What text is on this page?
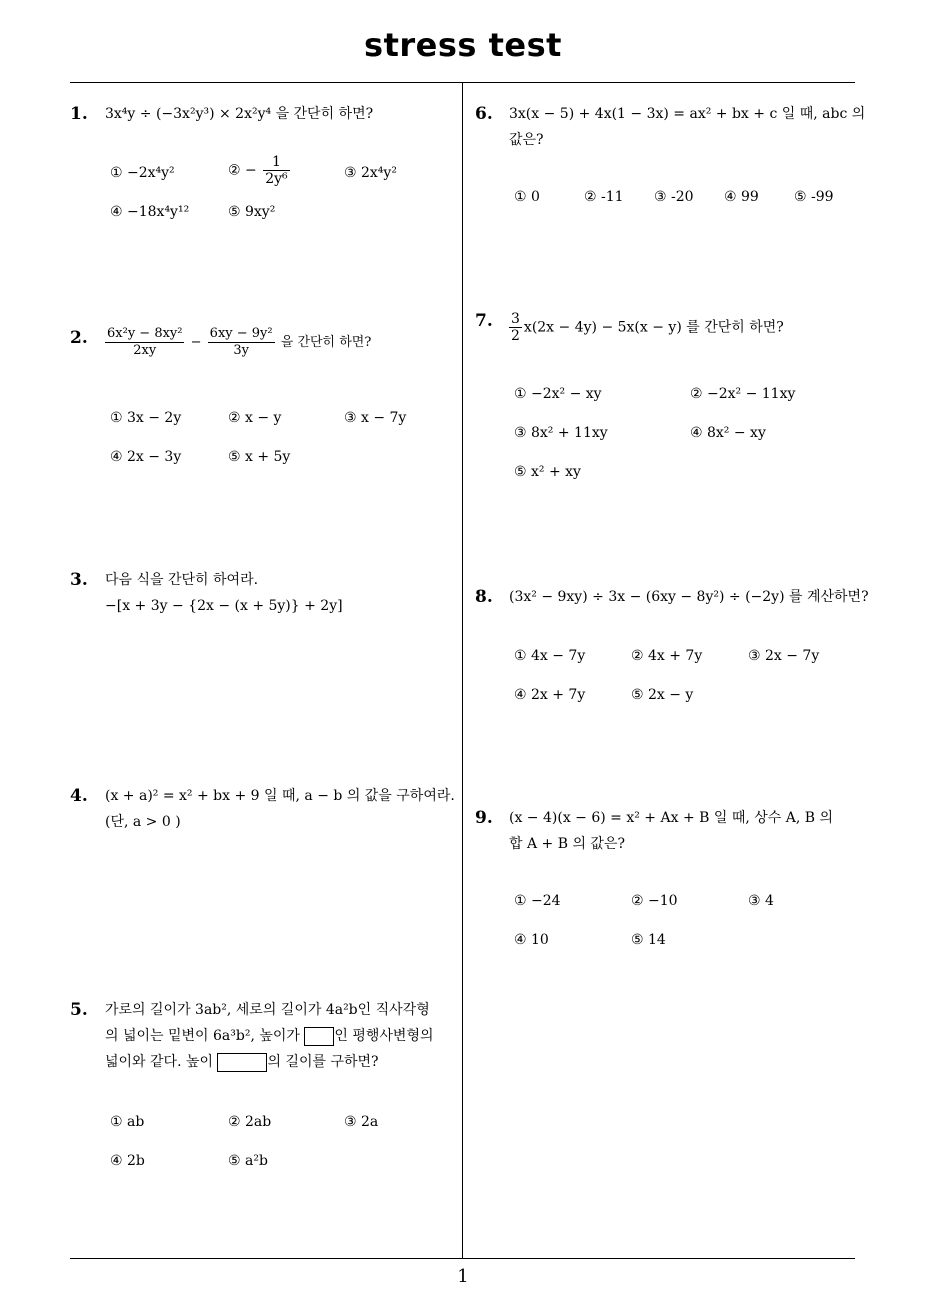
stress test
1
1. 3x⁴y ÷ (−3x²y³) × 2x²y⁴ 을 간단히 하면?
① −2x⁴y²	② − $\frac{1}{\text{2y⁶}}$	③ 2x⁴y²
④ −18x⁴y¹²	⑤ 9xy²
2. $\frac{\text{6x²y − 8xy²}}{2xy} - \frac{\text{6xy − 9y²}}{3y}$ 을 간단히 하면?
① 3x − 2y	② x − y	③ x − 7y
④ 2x − 3y	⑤ x + 5y
3. 다음 식을 간단히 하여라.
−[x + 3y − {2x − (x + 5y)} + 2y]
4. (x + a)² = x² + bx + 9 일 때, a − b 의 값을 구하여라.
(단, a > 0 )
5. 가로의 길이가 3ab², 세로의 길이가 4a²b인 직사각형
의 넓이는 밑변이 6a³b², 높이가 인 평행사변형의
넓이와 같다. 높이	의 길이를 구하면?
① ab	② 2ab	③ 2a
④ 2b	⑤ a²b
6. 3x(x − 5) + 4x(1 − 3x) = ax² + bx + c 일 때, abc 의
값은?
① 0	② -11 ③ -20 ④ 99	⑤ -99
7. $\frac{3}{2} x(2x - 4y) - 5x(x - y)$ 를 간단히 하면?
① −2x² − xy	② −2x² − 11xy
③ 8x² + 11xy	④ 8x² − xy
⑤ x² + xy
8. (3x² − 9xy) ÷ 3x − (6xy − 8y²) ÷ (−2y) 를 계산하면?
① 4x − 7y	② 4x + 7y	③ 2x − 7y
④ 2x + 7y	⑤ 2x − y
9. (x − 4)(x − 6) = x² + Ax + B 일 때, 상수 A, B 의
합 A + B 의 값은?
① −24	② −10	③ 4
④ 10	⑤ 14
